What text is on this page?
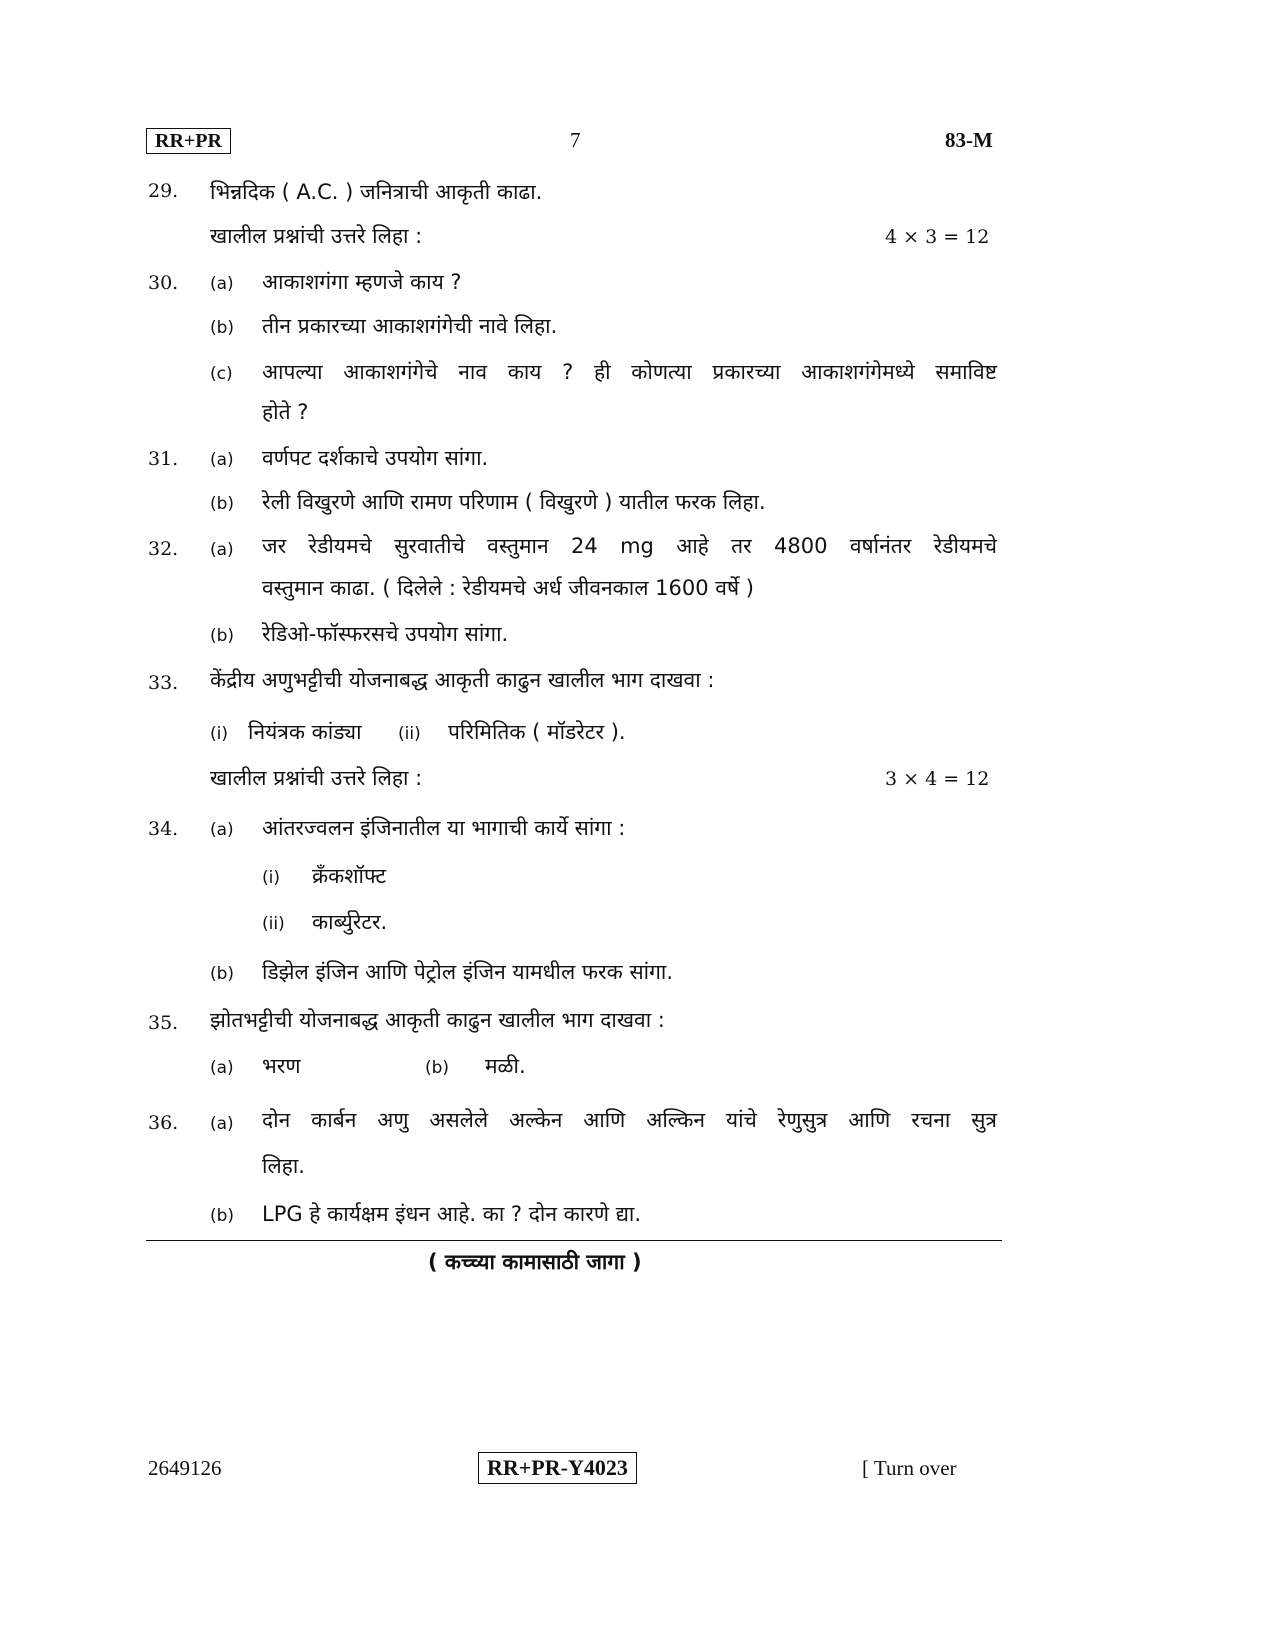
RR+PR	7	83-M
29. भिन्नदिक ( A.C. ) जनित्राची आकृती काढा.
खालील प्रश्नांची उत्तरे लिहा :	4 × 3 = 12
30. (a) आकाशगंगा म्हणजे काय ?
(b) तीन प्रकारच्या आकाशगंगेची नावे लिहा.
(c) आपल्या आकाशगंगेचे नाव काय ? ही कोणत्या प्रकारच्या आकाशगंगेमध्ये समाविष्ट
होते ?
31. (a) वर्णपट दर्शकाचे उपयोग सांगा.
(b) रेली विखुरणे आणि रामण परिणाम ( विखुरणे ) यातील फरक लिहा.
32. (a) जर रेडीयमचे सुरवातीचे वस्तुमान 24 mg आहे तर 4800 वर्षानंतर रेडीयमचे
वस्तुमान काढा. ( दिलेले : रेडीयमचे अर्ध जीवनकाल 1600 वर्षे )
(b) रेडिओ-फॉस्फरसचे उपयोग सांगा.
33. केंद्रीय अणुभट्टीची योजनाबद्ध आकृती काढुन खालील भाग दाखवा :
(i) नियंत्रक कांड्या (ii) परिमितिक ( मॉडरेटर ).
खालील प्रश्नांची उत्तरे लिहा :	3 × 4 = 12
34. (a) आंतरज्वलन इंजिनातील या भागाची कार्ये सांगा :
(i) क्रँकशॉफ्ट
(ii) कार्ब्युरेटर.
(b) डिझेल इंजिन आणि पेट्रोल इंजिन यामधील फरक सांगा.
35. झोतभट्टीची योजनाबद्ध आकृती काढुन खालील भाग दाखवा :
(a) भरण	(b) मळी.
36. (a) दोन कार्बन अणु असलेले अल्केन आणि अल्किन यांचे रेणुसुत्र आणि रचना सुत्र
लिहा.
(b) LPG हे कार्यक्षम इंधन आहे. का ? दोन कारणे द्या.
( कच्च्या कामासाठी जागा )
2649126	RR+PR-Y4023	[ Turn over
